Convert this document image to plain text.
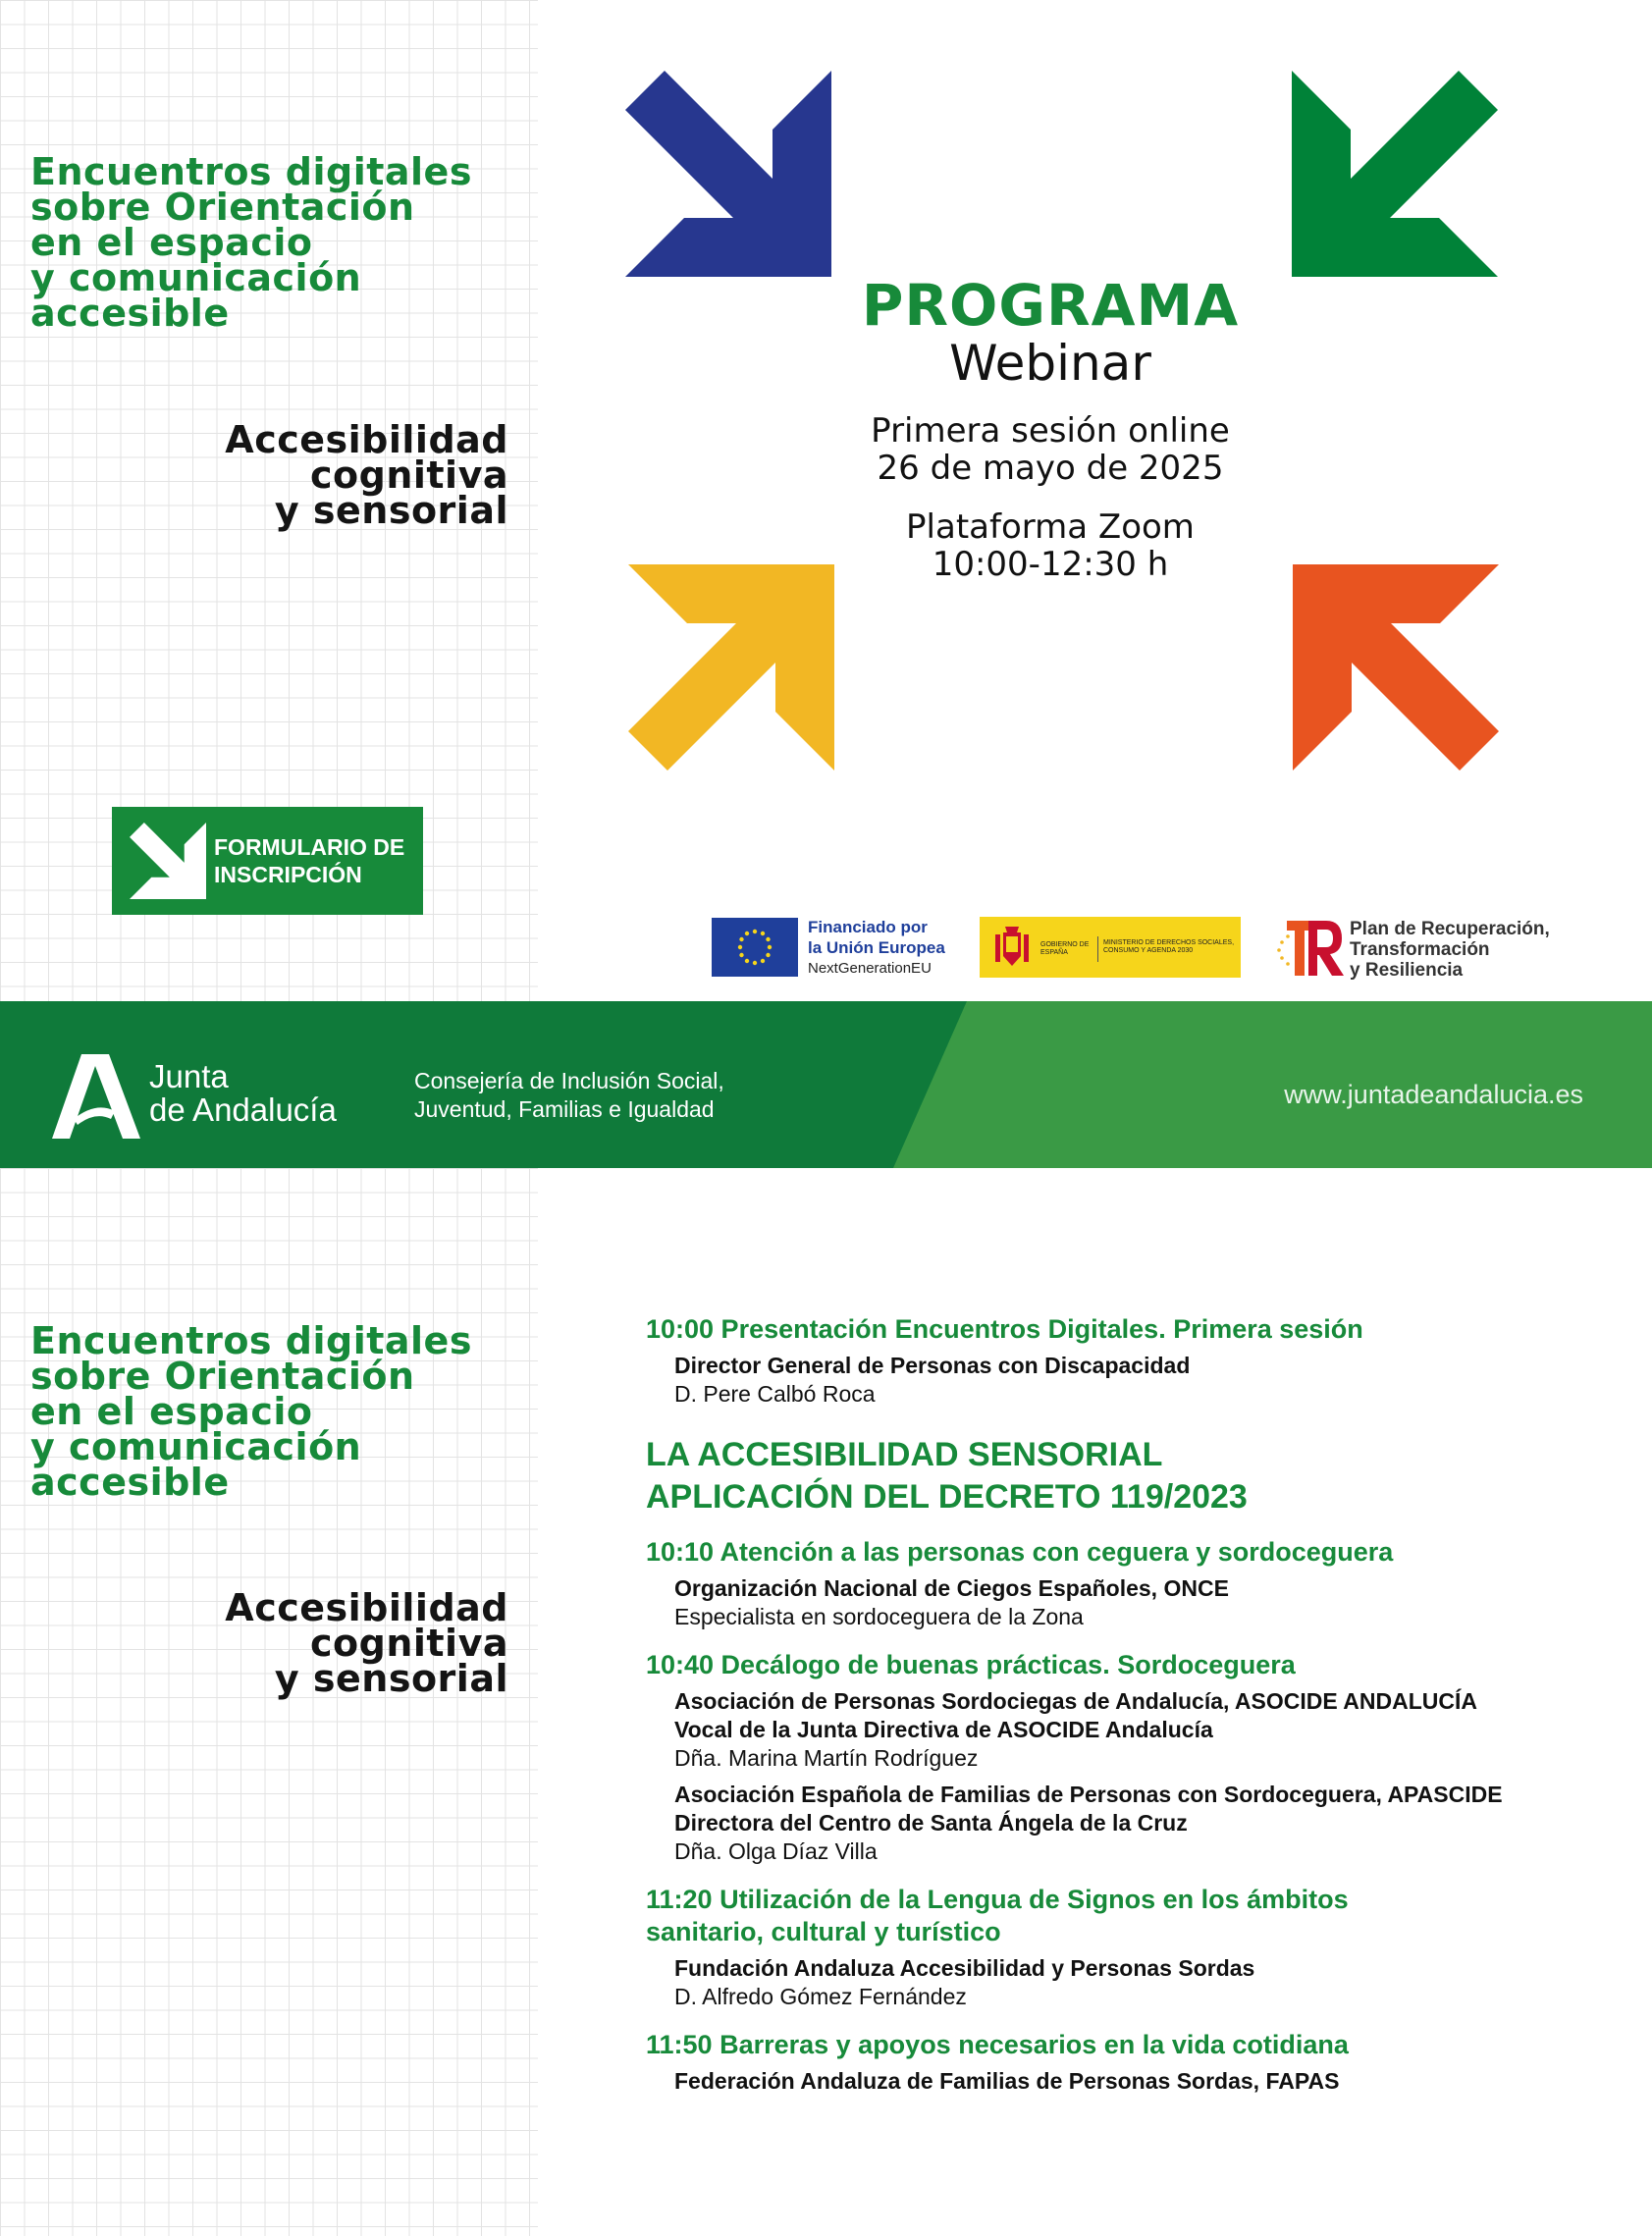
Encuentros digitales
sobre Orientación
en el espacio
y comunicación
accesible
Accesibilidad
cognitiva
y sensorial
PROGRAMA
Webinar
Primera sesión online
26 de mayo de 2025
Plataforma Zoom
10:00-12:30 h
FORMULARIO DE
INSCRIPCIÓN
Financiado por
la Unión Europea
NextGenerationEU
GOBIERNO DE ESPAÑA
MINISTERIO DE DERECHOS SOCIALES, CONSUMO Y AGENDA 2030
Plan de Recuperación,
Transformación
y Resiliencia
Junta
de Andalucía
Consejería de Inclusión Social,
Juventud, Familias e Igualdad	www.juntadeandalucia.es
Encuentros digitales
sobre Orientación
en el espacio
y comunicación
accesible
Accesibilidad
cognitiva
y sensorial
10:00 Presentación Encuentros Digitales. Primera sesión
Director General de Personas con Discapacidad
D. Pere Calbó Roca
LA ACCESIBILIDAD SENSORIAL
APLICACIÓN DEL DECRETO 119/2023
10:10 Atención a las personas con ceguera y sordoceguera
Organización Nacional de Ciegos Españoles, ONCE
Especialista en sordoceguera de la Zona
10:40 Decálogo de buenas prácticas. Sordoceguera
Asociación de Personas Sordociegas de Andalucía, ASOCIDE ANDALUCÍA
Vocal de la Junta Directiva de ASOCIDE Andalucía
Dña. Marina Martín Rodríguez
Asociación Española de Familias de Personas con Sordoceguera, APASCIDE
Directora del Centro de Santa Ángela de la Cruz
Dña. Olga Díaz Villa
11:20 Utilización de la Lengua de Signos en los ámbitos
sanitario, cultural y turístico
Fundación Andaluza Accesibilidad y Personas Sordas
D. Alfredo Gómez Fernández
11:50 Barreras y apoyos necesarios en la vida cotidiana
Federación Andaluza de Familias de Personas Sordas, FAPAS
